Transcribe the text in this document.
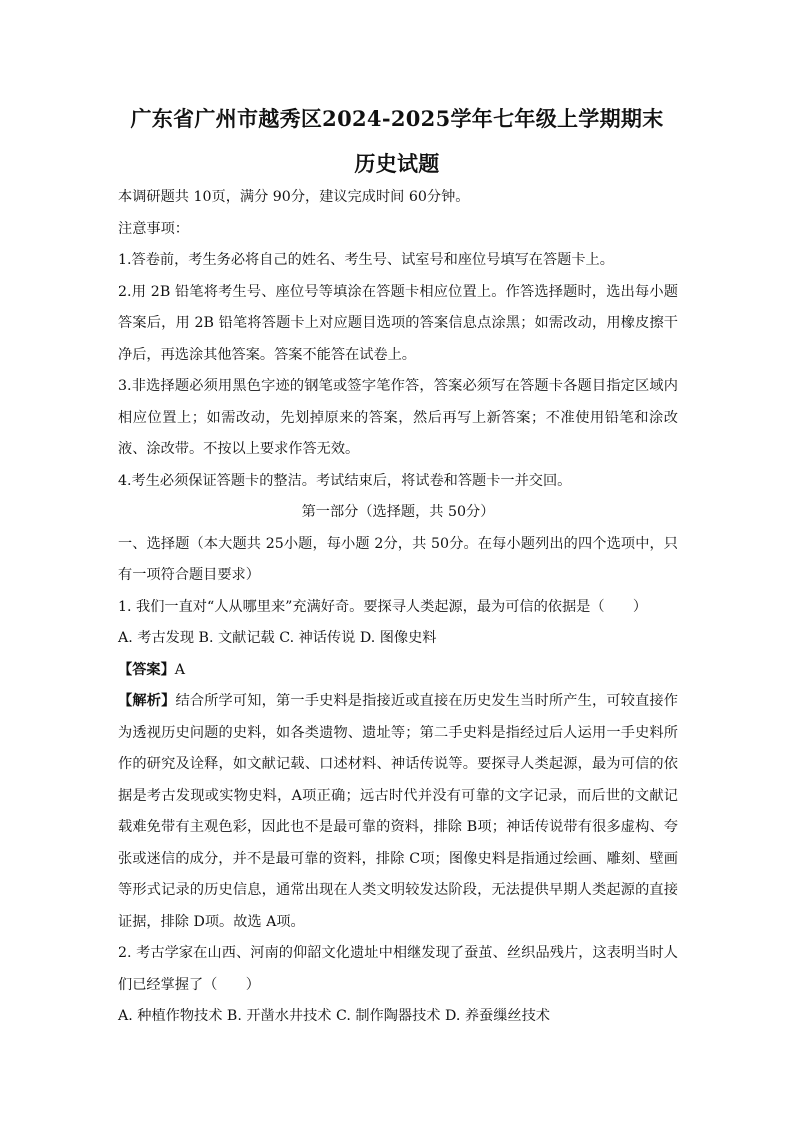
广东省广州市越秀区2024-2025学年七年级上学期期末
历史试题

本调研题共 10页，满分 90分，建议完成时间 60分钟。

注意事项：

1.答卷前，考生务必将自己的姓名、考生号、试室号和座位号填写在答题卡上。

2.用 2B 铅笔将考生号、座位号等填涂在答题卡相应位置上。作答选择题时，选出每小题答案后，用 2B 铅笔将答题卡上对应题目选项的答案信息点涂黑；如需改动，用橡皮擦干净后，再选涂其他答案。答案不能答在试卷上。

3.非选择题必须用黑色字迹的钢笔或签字笔作答，答案必须写在答题卡各题目指定区域内相应位置上；如需改动，先划掉原来的答案，然后再写上新答案；不准使用铅笔和涂改液、涂改带。不按以上要求作答无效。

4.考生必须保证答题卡的整洁。考试结束后，将试卷和答题卡一并交回。

第一部分（选择题，共 50分）

一、选择题（本大题共 25小题，每小题 2分，共 50分。在每小题列出的四个选项中，只有一项符合题目要求）

1. 我们一直对“人从哪里来”充满好奇。要探寻人类起源，最为可信的依据是（　　）

A. 考古发现 B. 文献记载 C. 神话传说 D. 图像史料

【答案】A

【解析】结合所学可知，第一手史料是指接近或直接在历史发生当时所产生，可较直接作为透视历史问题的史料，如各类遗物、遗址等；第二手史料是指经过后人运用一手史料所作的研究及诠释，如文献记载、口述材料、神话传说等。要探寻人类起源，最为可信的依据是考古发现或实物史料，A项正确；远古时代并没有可靠的文字记录，而后世的文献记载难免带有主观色彩，因此也不是最可靠的资料，排除 B项；神话传说带有很多虚构、夸张或迷信的成分，并不是最可靠的资料，排除 C项；图像史料是指通过绘画、雕刻、壁画等形式记录的历史信息，通常出现在人类文明较发达阶段，无法提供早期人类起源的直接证据，排除 D项。故选 A项。

2. 考古学家在山西、河南的仰韶文化遗址中相继发现了蚕茧、丝织品残片，这表明当时人们已经掌握了（　　）

A. 种植作物技术 B. 开凿水井技术 C. 制作陶器技术 D. 养蚕缫丝技术
